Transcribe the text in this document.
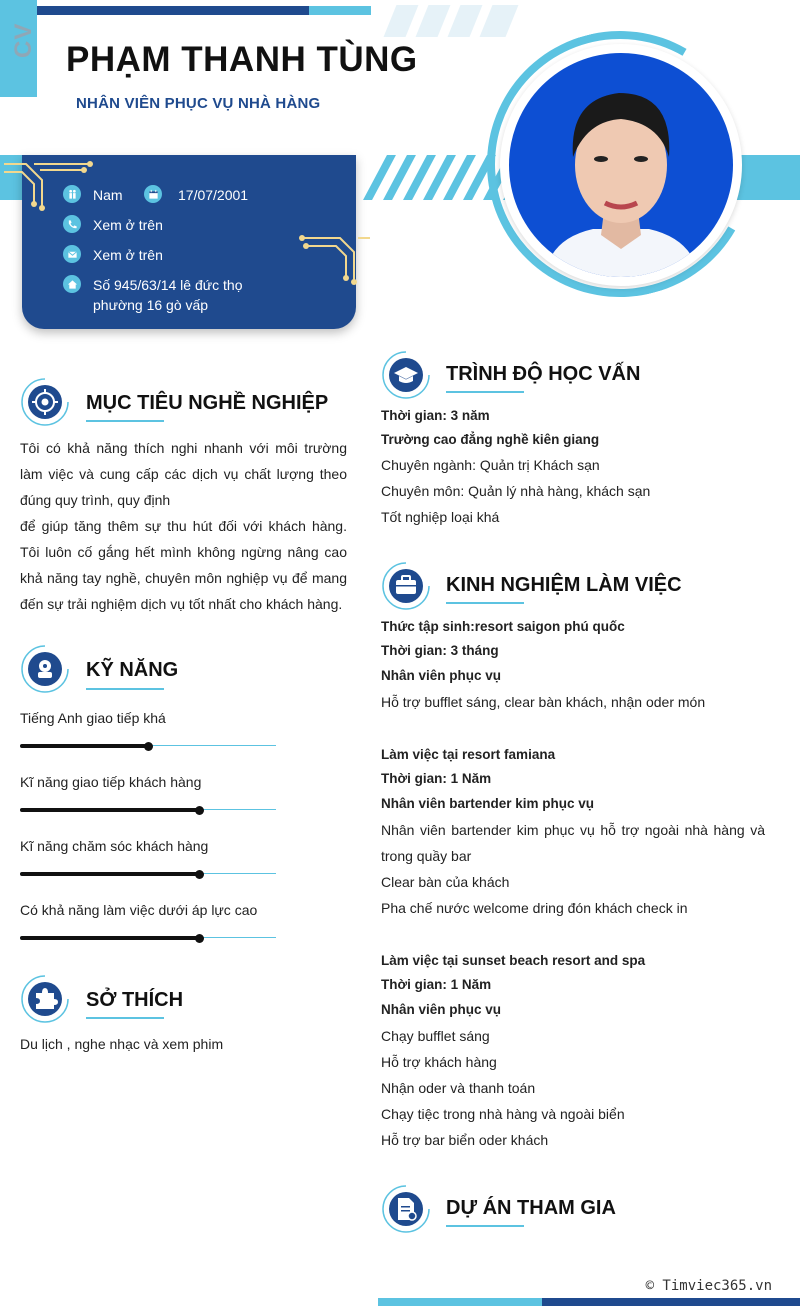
CV PHẠM THANH TÙNG
NHÂN VIÊN PHỤC VỤ NHÀ HÀNG
Nam	17/07/2001
Xem ở trên
Xem ở trên
Số 945/63/14 lê đức thọ
phường 16 gò vấp
MỤC TIÊU NGHỀ NGHIỆP
Tôi có khả năng thích nghi nhanh với môi trường làm việc và cung cấp các dịch vụ chất lượng theo đúng quy trình, quy định
để giúp tăng thêm sự thu hút đối với khách hàng. Tôi luôn cố gắng hết mình không ngừng nâng cao khả năng tay nghề, chuyên môn nghiệp vụ để mang đến sự trải nghiệm dịch vụ tốt nhất cho khách hàng.
KỸ NĂNG
Tiếng Anh giao tiếp khá
Kĩ năng giao tiếp khách hàng
Kĩ năng chăm sóc khách hàng
Có khả năng làm việc dưới áp lực cao
SỞ THÍCH
Du lịch , nghe nhạc và xem phim
TRÌNH ĐỘ HỌC VẤN
Thời gian: 3 năm
Trường cao đẳng nghề kiên giang
Chuyên ngành: Quản trị Khách sạn
Chuyên môn: Quản lý nhà hàng, khách sạn
Tốt nghiệp loại khá
KINH NGHIỆM LÀM VIỆC
Thức tập sinh:resort saigon phú quốc
Thời gian: 3 tháng
Nhân viên phục vụ
Hỗ trợ bufflet sáng, clear bàn khách, nhận oder món
Làm việc tại resort famiana
Thời gian: 1 Năm
Nhân viên bartender kim phục vụ
Nhân viên bartender kim phục vụ hỗ trợ ngoài nhà hàng và trong quầy bar
Clear bàn của khách
Pha chế nước welcome dring đón khách check in
Làm việc tại sunset beach resort and spa
Thời gian: 1 Năm
Nhân viên phục vụ
Chạy bufflet sáng
Hỗ trợ khách hàng
Nhận oder và thanh toán
Chạy tiệc trong nhà hàng và ngoài biển
Hỗ trợ bar biển oder khách
DỰ ÁN THAM GIA
© Timviec365.vn
